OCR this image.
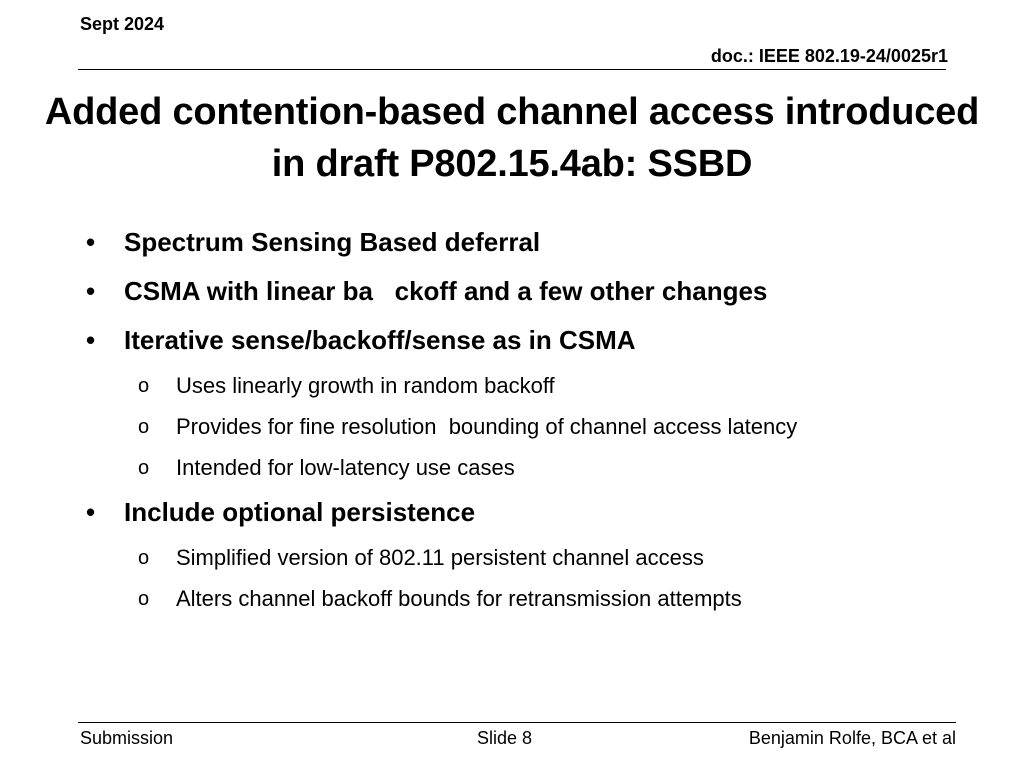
Sept 2024
doc.: IEEE 802.19-24/0025r1
Added contention-based channel access introduced in draft P802.15.4ab: SSBD
•	Spectrum Sensing Based deferral
•	CSMA with linear ba   ckoff and a few other changes
•	Iterative sense/backoff/sense as in CSMA
o	Uses linearly growth in random backoff
o	Provides for fine resolution  bounding of channel access latency
o	Intended for low-latency use cases
•	Include optional persistence
o	Simplified version of 802.11 persistent channel access
o	Alters channel backoff bounds for retransmission attempts
Submission	Slide 8	Benjamin Rolfe, BCA et al
